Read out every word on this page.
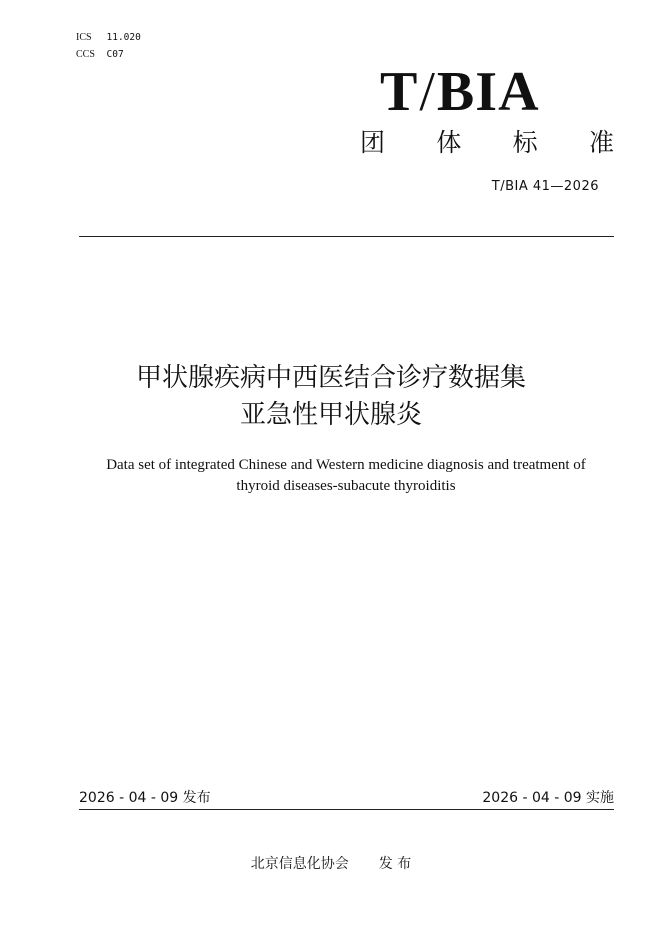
ICS 11.020
CCS C07
T/BIA
团 体 标 准
T/BIA 41—2026
甲状腺疾病中西医结合诊疗数据集
亚急性甲状腺炎
Data set of integrated Chinese and Western medicine diagnosis and treatment of
thyroid diseases-subacute thyroiditis
2026 - 04 - 09 发布	2026 - 04 - 09 实施
北京信息化协会 发 布
